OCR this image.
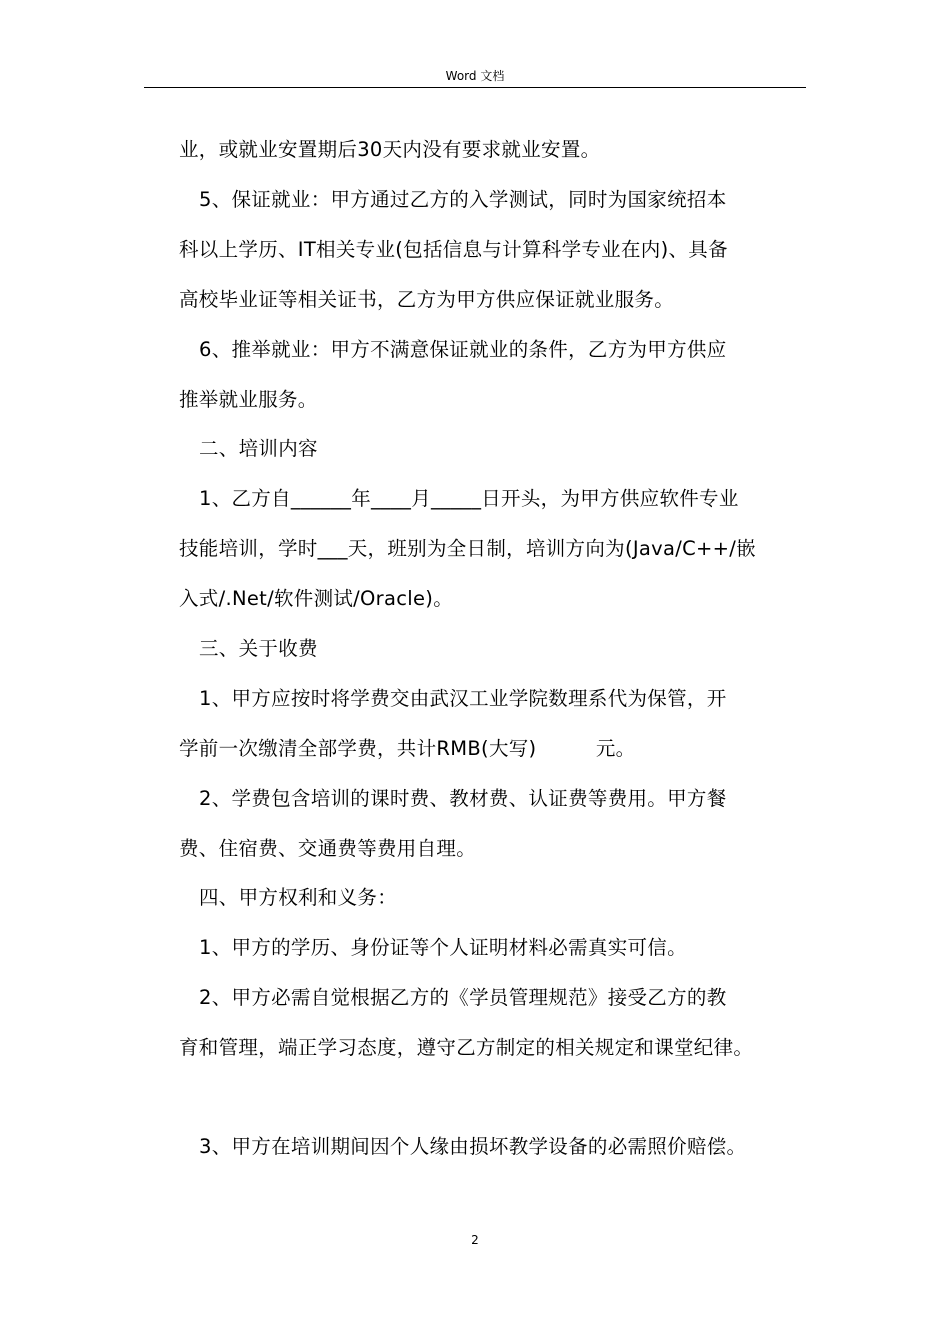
Word 文档
业，或就业安置期后30天内没有要求就业安置。
5、保证就业：甲方通过乙方的入学测试，同时为国家统招本
科以上学历、IT相关专业(包括信息与计算科学专业在内)、具备
高校毕业证等相关证书，乙方为甲方供应保证就业服务。
6、推举就业：甲方不满意保证就业的条件，乙方为甲方供应
推举就业服务。
二、培训内容
1、乙方自______年____月_____日开头，为甲方供应软件专业
技能培训，学时___天，班别为全日制，培训方向为(Java/C++/嵌
入式/.Net/软件测试/Oracle)。
三、关于收费
1、甲方应按时将学费交由武汉工业学院数理系代为保管，开
学前一次缴清全部学费，共计RMB(大写)　　　元。
2、学费包含培训的课时费、教材费、认证费等费用。甲方餐
费、住宿费、交通费等费用自理。
四、甲方权利和义务：
1、甲方的学历、身份证等个人证明材料必需真实可信。
2、甲方必需自觉根据乙方的《学员管理规范》接受乙方的教
育和管理，端正学习态度，遵守乙方制定的相关规定和课堂纪律。
3、甲方在培训期间因个人缘由损坏教学设备的必需照价赔偿。
2
